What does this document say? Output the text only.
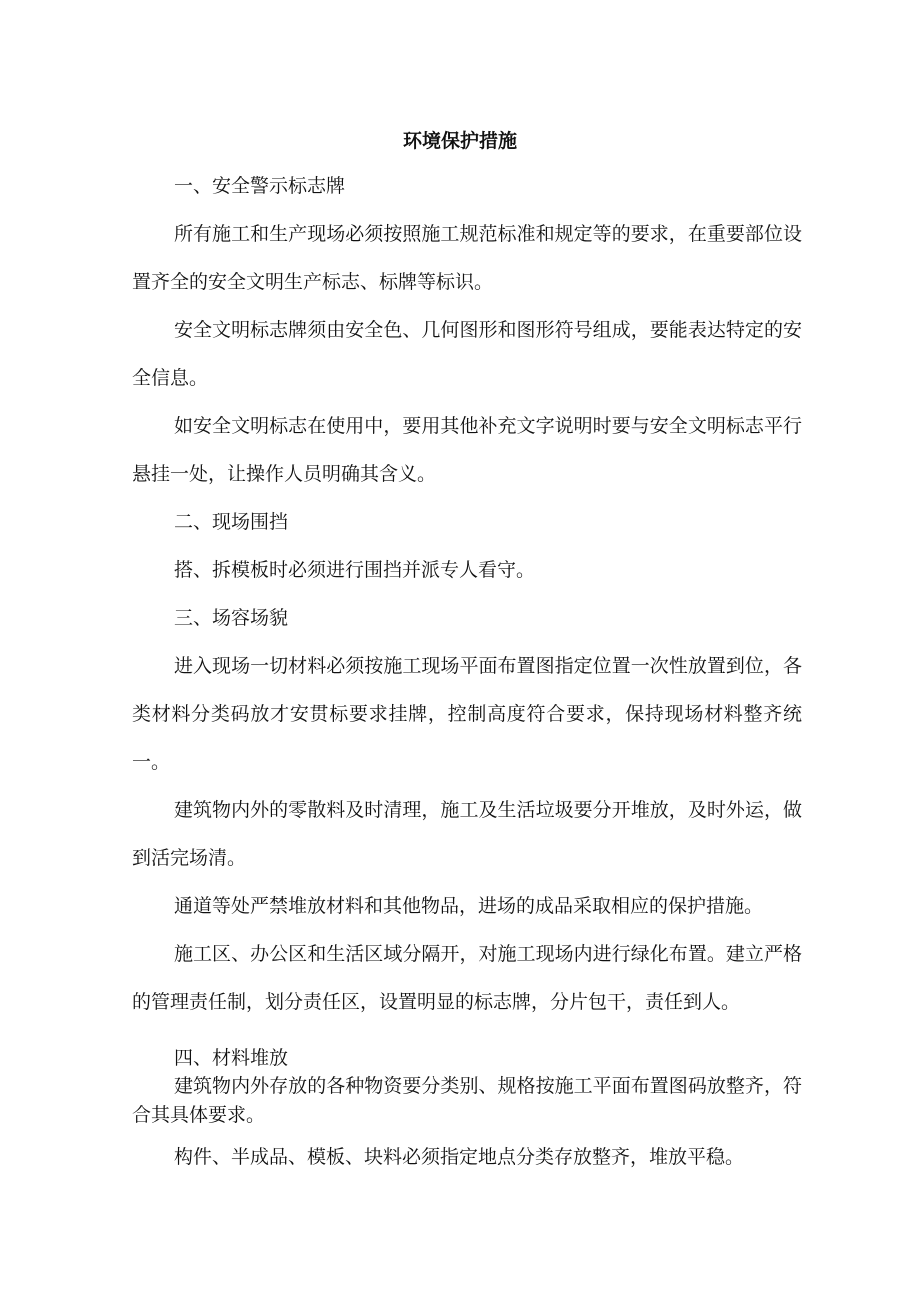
环境保护措施
一、安全警示标志牌
所有施工和生产现场必须按照施工规范标准和规定等的要求，在重要部位设置齐全的安全文明生产标志、标牌等标识。
安全文明标志牌须由安全色、几何图形和图形符号组成，要能表达特定的安全信息。
如安全文明标志在使用中，要用其他补充文字说明时要与安全文明标志平行悬挂一处，让操作人员明确其含义。
二、现场围挡
搭、拆模板时必须进行围挡并派专人看守。
三、场容场貌
进入现场一切材料必须按施工现场平面布置图指定位置一次性放置到位，各类材料分类码放才安贯标要求挂牌，控制高度符合要求，保持现场材料整齐统一。
建筑物内外的零散料及时清理，施工及生活垃圾要分开堆放，及时外运，做到活完场清。
通道等处严禁堆放材料和其他物品，进场的成品采取相应的保护措施。
施工区、办公区和生活区域分隔开，对施工现场内进行绿化布置。建立严格的管理责任制，划分责任区，设置明显的标志牌，分片包干，责任到人。
四、材料堆放
建筑物内外存放的各种物资要分类别、规格按施工平面布置图码放整齐，符合其具体要求。
构件、半成品、模板、块料必须指定地点分类存放整齐，堆放平稳。
